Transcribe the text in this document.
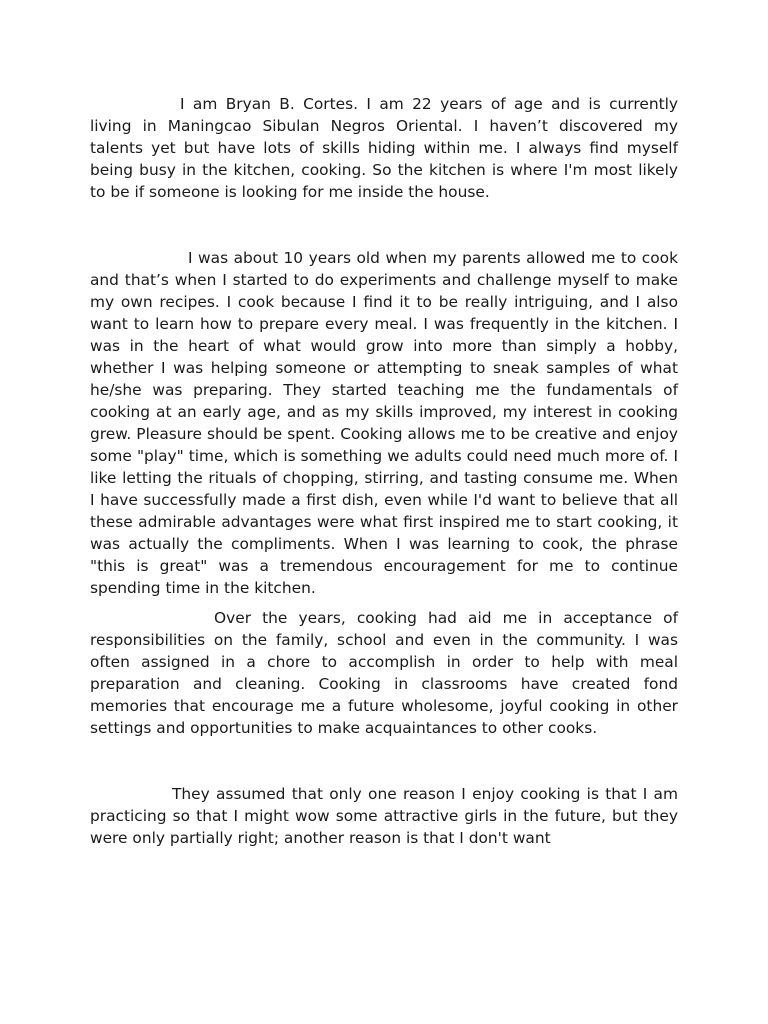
I am Bryan B. Cortes. I am 22 years of age and is currently living in Maningcao Sibulan Negros Oriental. I haven’t discovered my talents yet but have lots of skills hiding within me. I always find myself being busy in the kitchen, cooking. So the kitchen is where I'm most likely to be if someone is looking for me inside the house.

I was about 10 years old when my parents allowed me to cook and that’s when I started to do experiments and challenge myself to make my own recipes. I cook because I find it to be really intriguing, and I also want to learn how to prepare every meal. I was frequently in the kitchen. I was in the heart of what would grow into more than simply a hobby, whether I was helping someone or attempting to sneak samples of what he/she was preparing. They started teaching me the fundamentals of cooking at an early age, and as my skills improved, my interest in cooking grew. Pleasure should be spent. Cooking allows me to be creative and enjoy some "play" time, which is something we adults could need much more of. I like letting the rituals of chopping, stirring, and tasting consume me. When I have successfully made a first dish, even while I'd want to believe that all these admirable advantages were what first inspired me to start cooking, it was actually the compliments. When I was learning to cook, the phrase "this is great" was a tremendous encouragement for me to continue spending time in the kitchen.

Over the years, cooking had aid me in acceptance of responsibilities on the family, school and even in the community. I was often assigned in a chore to accomplish in order to help with meal preparation and cleaning. Cooking in classrooms have created fond memories that encourage me a future wholesome, joyful cooking in other settings and opportunities to make acquaintances to other cooks.

They assumed that only one reason I enjoy cooking is that I am practicing so that I might wow some attractive girls in the future, but they were only partially right; another reason is that I don't want
